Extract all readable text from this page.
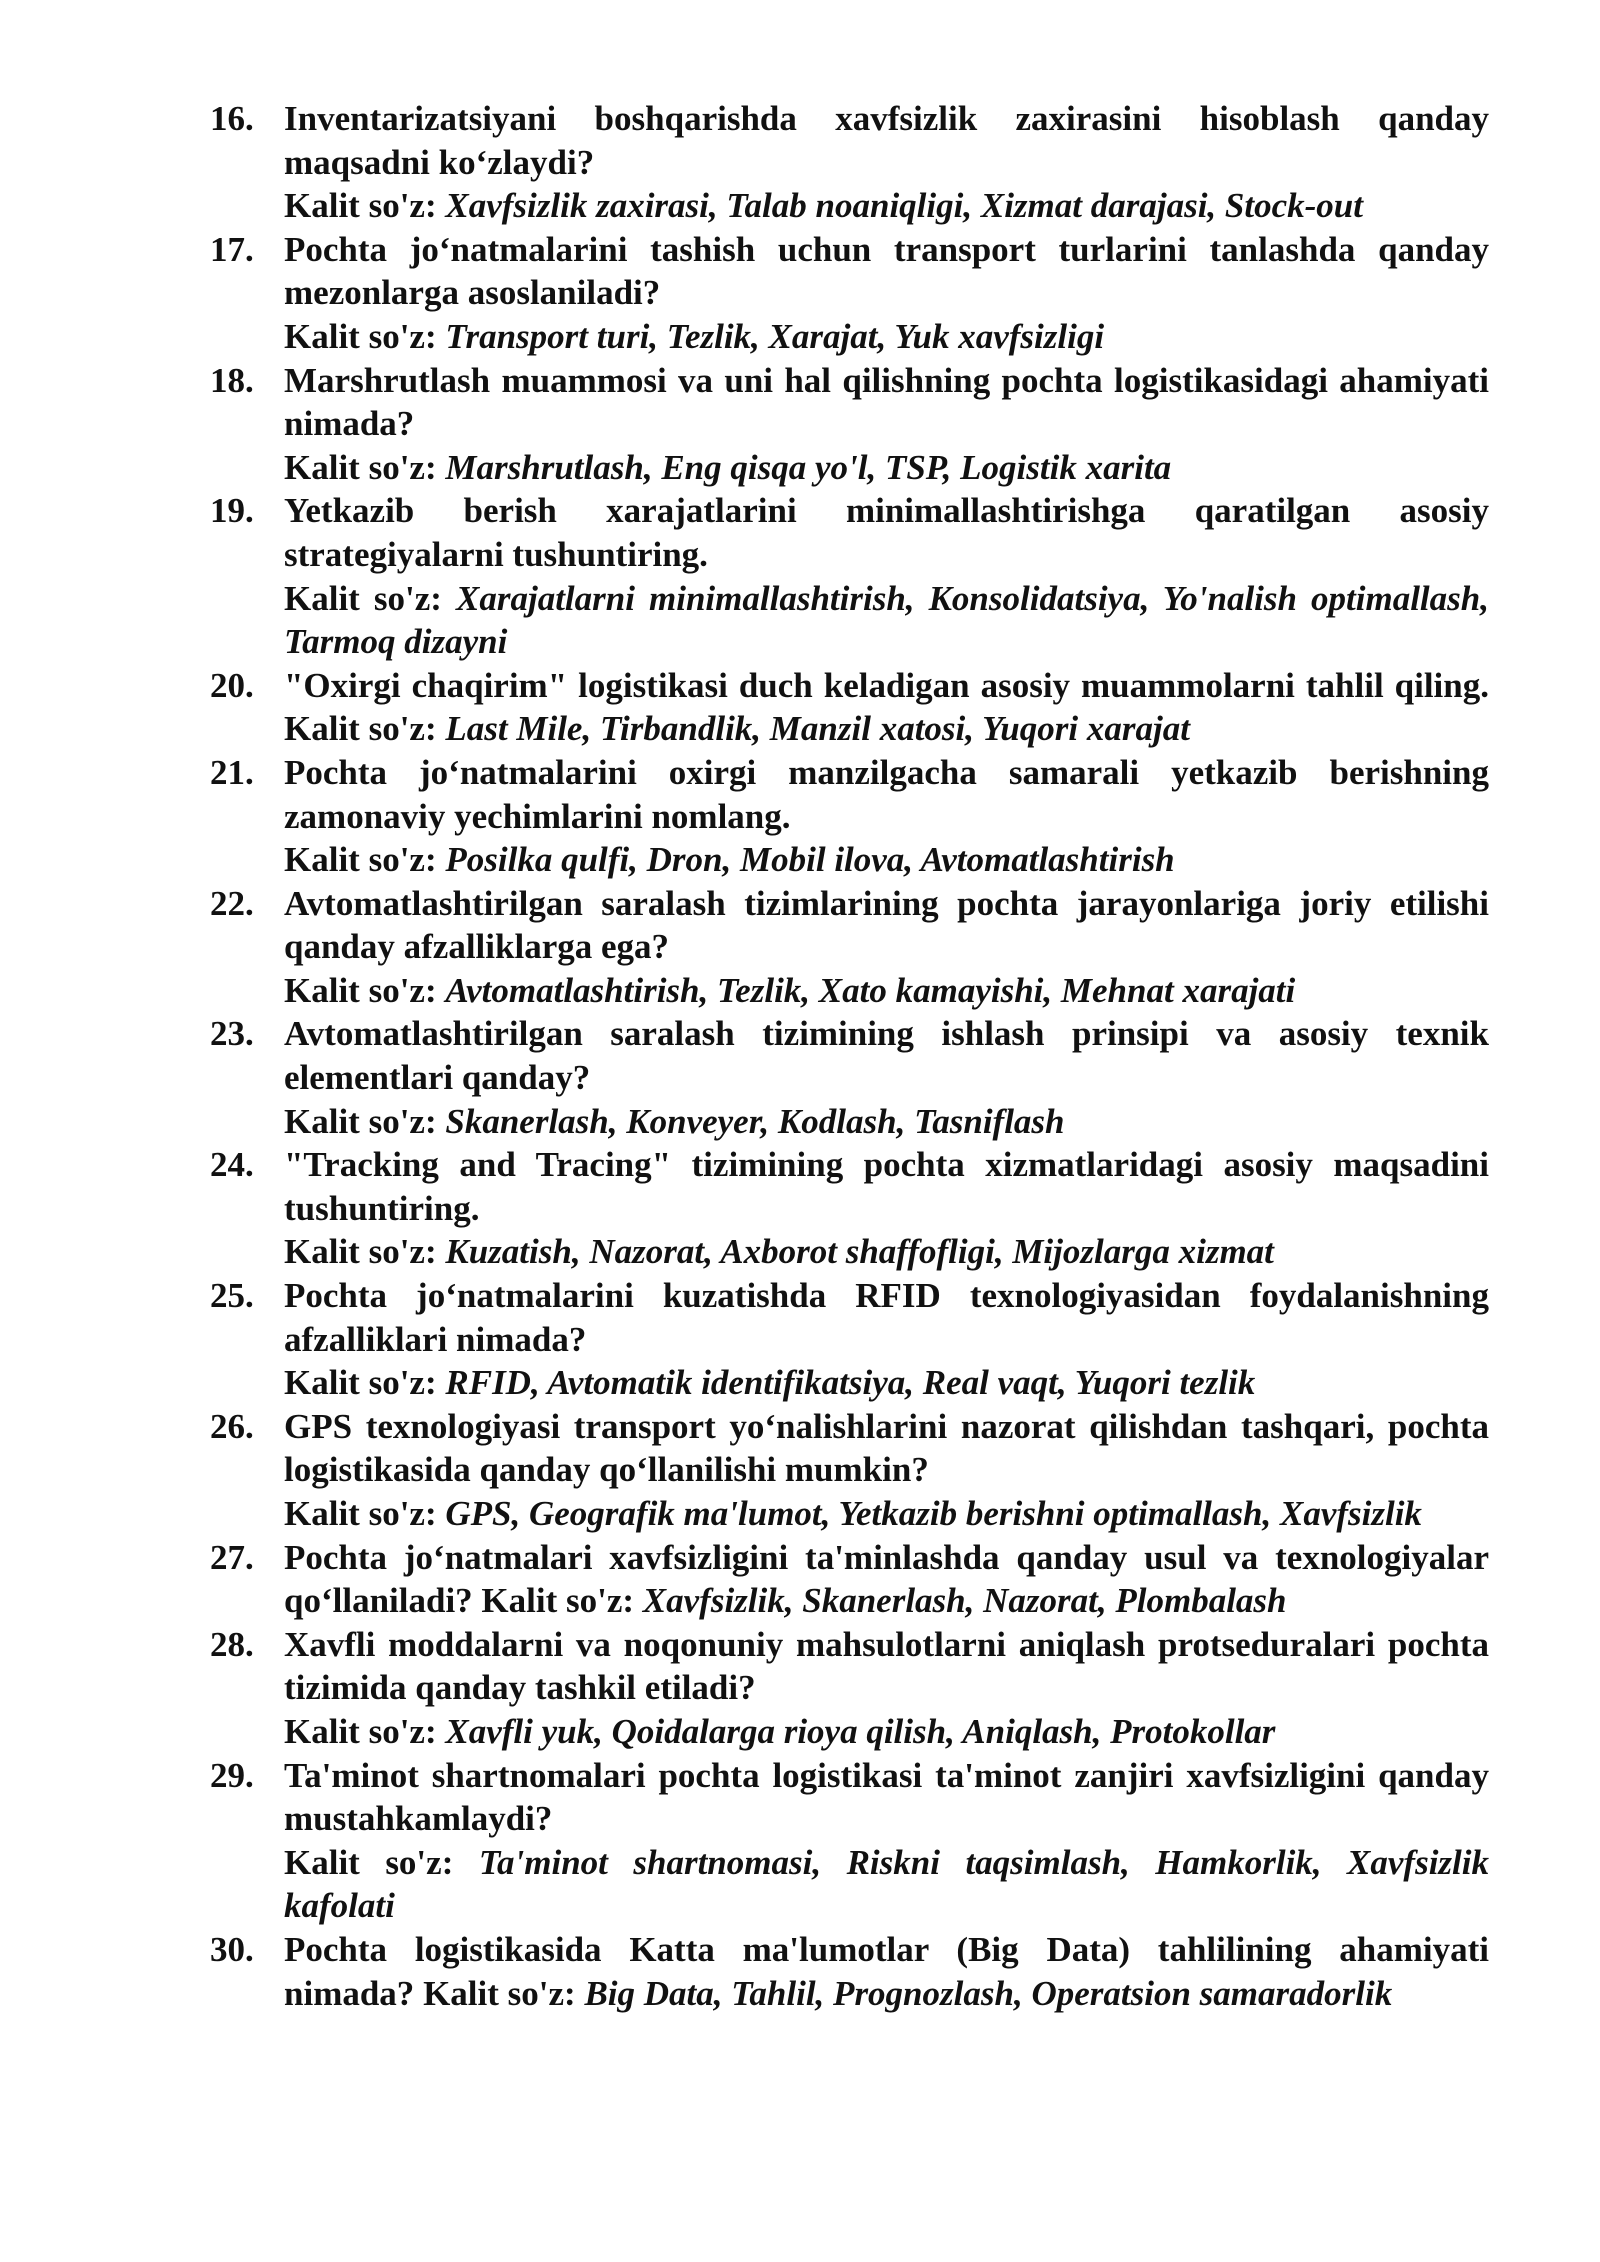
16. Inventarizatsiyani boshqarishda xavfsizlik zaxirasini hisoblash qanday maqsadni ko‘zlaydi?
Kalit so'z: Xavfsizlik zaxirasi, Talab noaniqligi, Xizmat darajasi, Stock-out
17. Pochta jo‘natmalarini tashish uchun transport turlarini tanlashda qanday mezonlarga asoslaniladi?
Kalit so'z: Transport turi, Tezlik, Xarajat, Yuk xavfsizligi
18. Marshrutlash muammosi va uni hal qilishning pochta logistikasidagi ahamiyati nimada?
Kalit so'z: Marshrutlash, Eng qisqa yo'l, TSP, Logistik xarita
19. Yetkazib berish xarajatlarini minimallashtirishga qaratilgan asosiy strategiyalarni tushuntiring.
Kalit so'z: Xarajatlarni minimallashtirish, Konsolidatsiya, Yo'nalish optimallash, Tarmoq dizayni
20. "Oxirgi chaqirim" logistikasi duch keladigan asosiy muammolarni tahlil qiling. Kalit so'z: Last Mile, Tirbandlik, Manzil xatosi, Yuqori xarajat
21. Pochta jo‘natmalarini oxirgi manzilgacha samarali yetkazib berishning zamonaviy yechimlarini nomlang.
Kalit so'z: Posilka qulfi, Dron, Mobil ilova, Avtomatlashtirish
22. Avtomatlashtirilgan saralash tizimlarining pochta jarayonlariga joriy etilishi qanday afzalliklarga ega?
Kalit so'z: Avtomatlashtirish, Tezlik, Xato kamayishi, Mehnat xarajati
23. Avtomatlashtirilgan saralash tizimining ishlash prinsipi va asosiy texnik elementlari qanday?
Kalit so'z: Skanerlash, Konveyer, Kodlash, Tasniflash
24. "Tracking and Tracing" tizimining pochta xizmatlaridagi asosiy maqsadini tushuntiring.
Kalit so'z: Kuzatish, Nazorat, Axborot shaffofligi, Mijozlarga xizmat
25. Pochta jo‘natmalarini kuzatishda RFID texnologiyasidan foydalanishning afzalliklari nimada?
Kalit so'z: RFID, Avtomatik identifikatsiya, Real vaqt, Yuqori tezlik
26. GPS texnologiyasi transport yo‘nalishlarini nazorat qilishdan tashqari, pochta logistikasida qanday qo‘llanilishi mumkin?
Kalit so'z: GPS, Geografik ma'lumot, Yetkazib berishni optimallash, Xavfsizlik
27. Pochta jo‘natmalari xavfsizligini ta'minlashda qanday usul va texnologiyalar qo‘llaniladi? Kalit so'z: Xavfsizlik, Skanerlash, Nazorat, Plombalash
28. Xavfli moddalarni va noqonuniy mahsulotlarni aniqlash protseduralari pochta tizimida qanday tashkil etiladi?
Kalit so'z: Xavfli yuk, Qoidalarga rioya qilish, Aniqlash, Protokollar
29. Ta'minot shartnomalari pochta logistikasi ta'minot zanjiri xavfsizligini qanday mustahkamlaydi?
Kalit so'z: Ta'minot shartnomasi, Riskni taqsimlash, Hamkorlik, Xavfsizlik kafolati
30. Pochta logistikasida Katta ma'lumotlar (Big Data) tahlilining ahamiyati nimada? Kalit so'z: Big Data, Tahlil, Prognozlash, Operatsion samaradorlik
